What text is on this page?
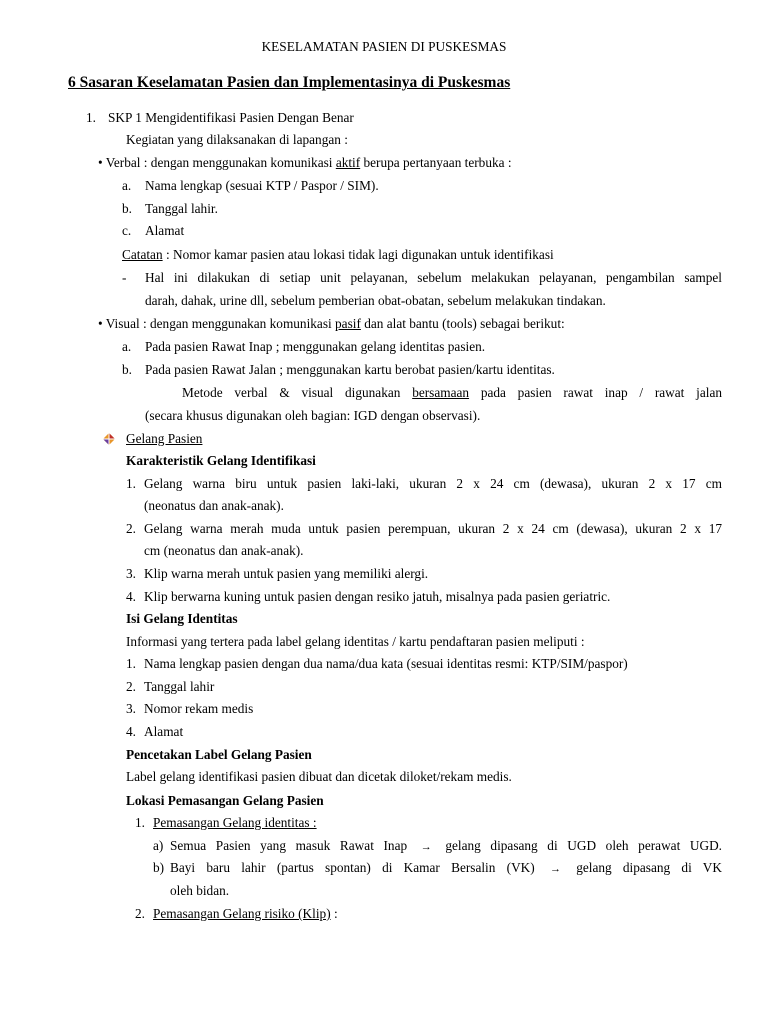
KESELAMATAN PASIEN DI PUSKESMAS
6 Sasaran Keselamatan Pasien dan Implementasinya di Puskesmas
1. SKP 1 Mengidentifikasi Pasien Dengan Benar
Kegiatan yang dilaksanakan di lapangan :
• Verbal : dengan menggunakan komunikasi aktif berupa pertanyaan terbuka :
a. Nama lengkap (sesuai KTP / Paspor / SIM).
b. Tanggal lahir.
c. Alamat
Catatan : Nomor kamar pasien atau lokasi tidak lagi digunakan untuk identifikasi
- Hal ini dilakukan di setiap unit pelayanan, sebelum melakukan pelayanan, pengambilan sampel
darah, dahak, urine dll, sebelum pemberian obat-obatan, sebelum melakukan tindakan.
• Visual : dengan menggunakan komunikasi pasif dan alat bantu (tools) sebagai berikut:
a. Pada pasien Rawat Inap ; menggunakan gelang identitas pasien.
b. Pada pasien Rawat Jalan ; menggunakan kartu berobat pasien/kartu identitas.
Metode verbal & visual digunakan bersamaan pada pasien rawat inap / rawat jalan
(secara khusus digunakan oleh bagian: IGD dengan observasi).
Gelang Pasien
Karakteristik Gelang Identifikasi
1. Gelang warna biru untuk pasien laki-laki, ukuran 2 x 24 cm (dewasa), ukuran 2 x 17 cm
(neonatus dan anak-anak).
2. Gelang warna merah muda untuk pasien perempuan, ukuran 2 x 24 cm (dewasa), ukuran 2 x 17
cm (neonatus dan anak-anak).
3. Klip warna merah untuk pasien yang memiliki alergi.
4. Klip berwarna kuning untuk pasien dengan resiko jatuh, misalnya pada pasien geriatric.
Isi Gelang Identitas
Informasi yang tertera pada label gelang identitas / kartu pendaftaran pasien meliputi :
1. Nama lengkap pasien dengan dua nama/dua kata (sesuai identitas resmi: KTP/SIM/paspor)
2. Tanggal lahir
3. Nomor rekam medis
4. Alamat
Pencetakan Label Gelang Pasien
Label gelang identifikasi pasien dibuat dan dicetak diloket/rekam medis.
Lokasi Pemasangan Gelang Pasien
1. Pemasangan Gelang identitas :
a) Semua Pasien yang masuk Rawat Inap → gelang dipasang di UGD oleh perawat UGD.
b) Bayi baru lahir (partus spontan) di Kamar Bersalin (VK) → gelang dipasang di VK
oleh bidan.
2. Pemasangan Gelang risiko (Klip) :
